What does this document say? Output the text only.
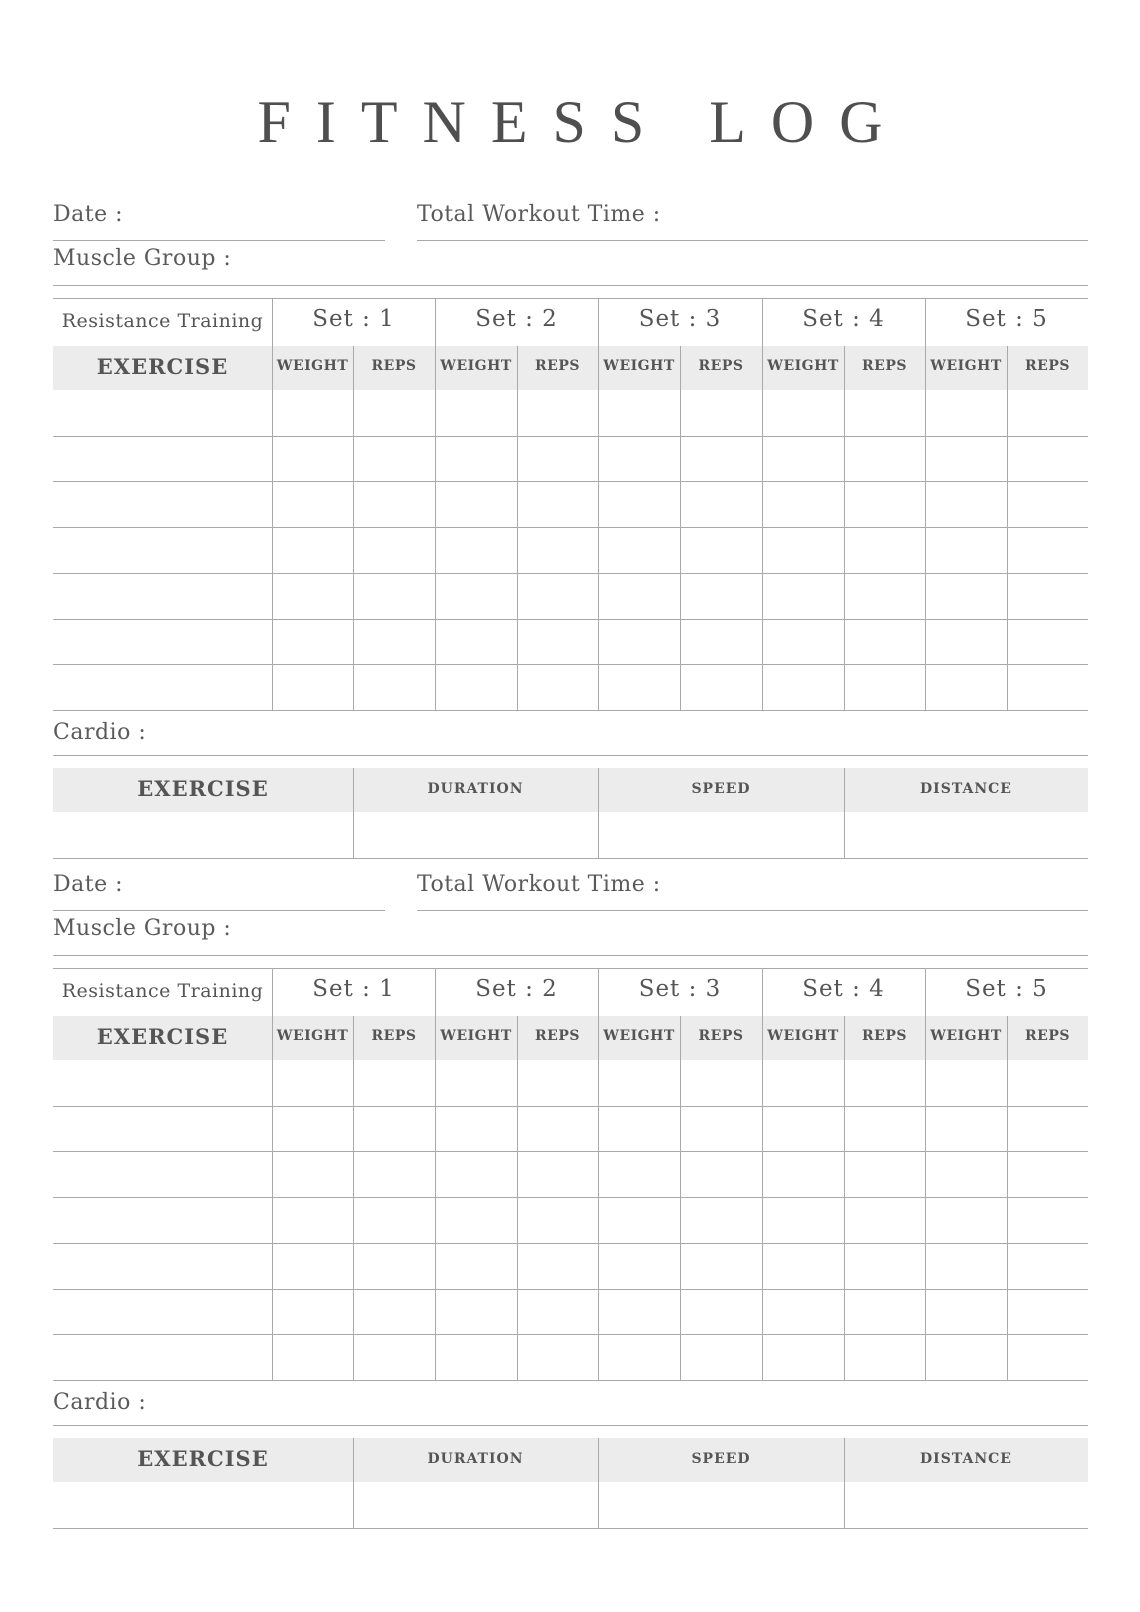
FITNESS LOG
Date :	Total Workout Time :
Muscle Group :
Resistance Training	Set : 1	Set : 2	Set : 3	Set : 4	Set : 5
EXERCISE	WEIGHT	REPS	WEIGHT	REPS	WEIGHT	REPS	WEIGHT	REPS	WEIGHT	REPS
Cardio :
EXERCISE	DURATION	SPEED	DISTANCE
Date :	Total Workout Time :
Muscle Group :
Resistance Training	Set : 1	Set : 2	Set : 3	Set : 4	Set : 5
EXERCISE	WEIGHT	REPS	WEIGHT	REPS	WEIGHT	REPS	WEIGHT	REPS	WEIGHT	REPS
Cardio :
EXERCISE	DURATION	SPEED	DISTANCE
